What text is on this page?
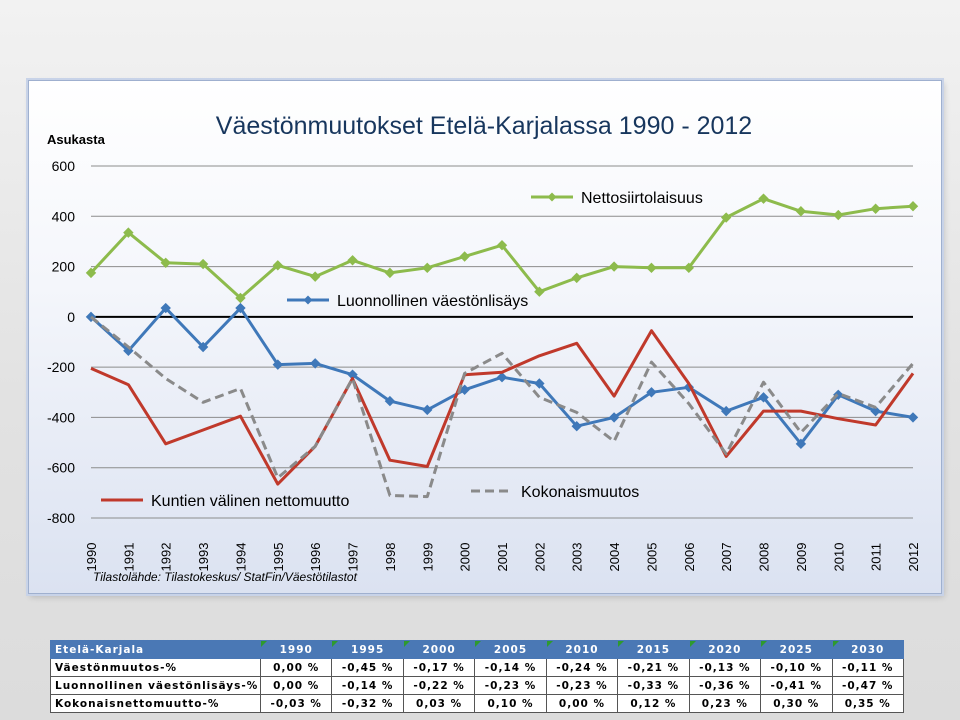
Väestönmuutokset Etelä-Karjalassa 1990 - 2012
Asukasta
600
400
200
0
-200
-400
-600
-800
1990 1991 1992 1993 1994 1995 1996 1997 1998 1999 2000 2001 2002 2003 2004 2005 2006 2007 2008 2009 2010 2011 2012
Tilastolähde: Tilastokeskus/ StatFin/Väestötilastot
Nettosiirtolaisuus
Luonnollinen väestönlisäys
Kuntien välinen nettomuutto
Kokonaismuutos
Etelä-Karjala	1990	1995	2000	2005	2010	2015	2020	2025	2030
Väestönmuutos-%	0,00 %	-0,45 %	-0,17 %	-0,14 %	-0,24 %	-0,21 %	-0,13 %	-0,10 %	-0,11 %
Luonnollinen väestönlisäys-%	0,00 %	-0,14 %	-0,22 %	-0,23 %	-0,23 %	-0,33 %	-0,36 %	-0,41 %	-0,47 %
Kokonaisnettomuutto-%	-0,03 %	-0,32 %	0,03 %	0,10 %	0,00 %	0,12 %	0,23 %	0,30 %	0,35 %
